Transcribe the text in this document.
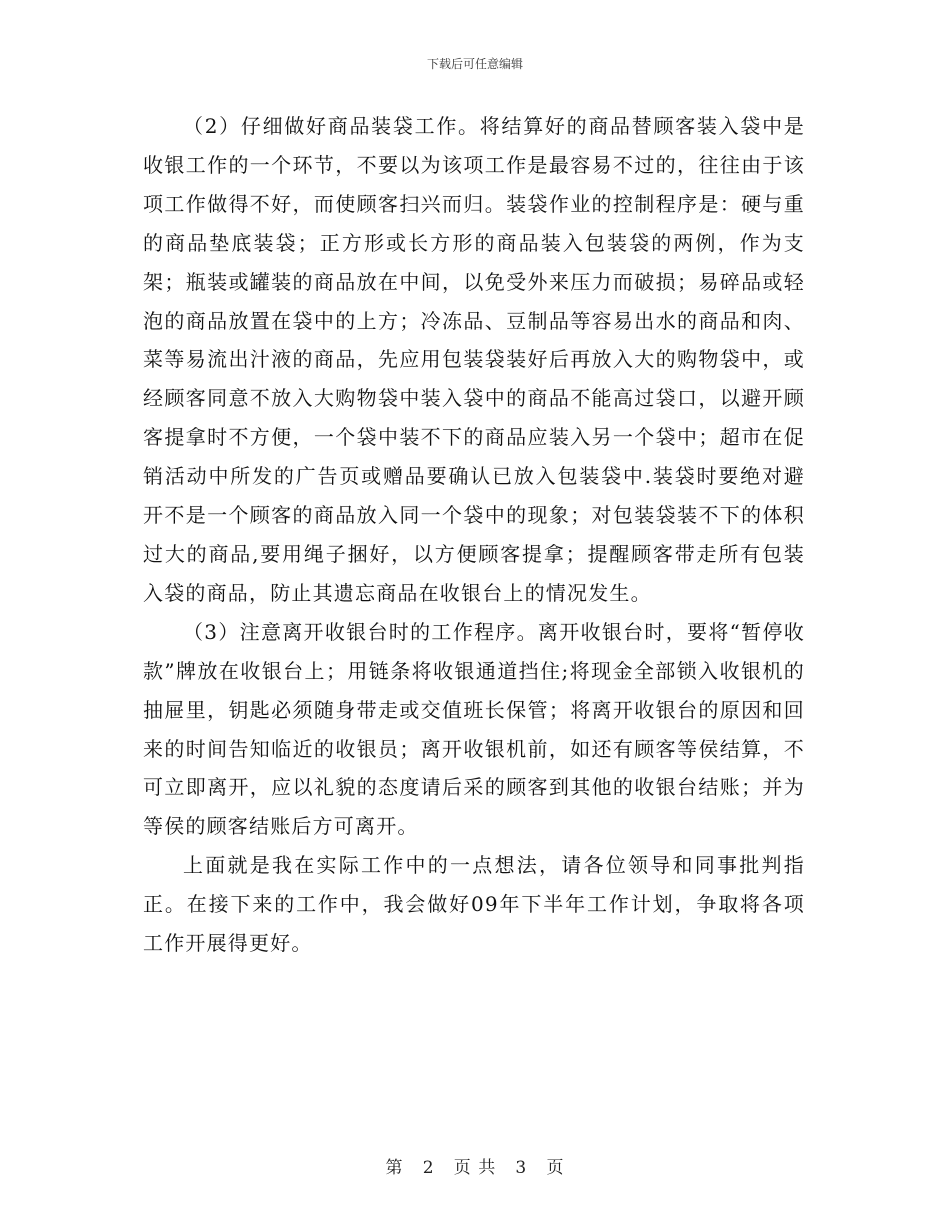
下载后可任意编辑

（2）仔细做好商品装袋工作。将结算好的商品替顾客装入袋中是收银工作的一个环节，不要以为该项工作是最容易不过的，往往由于该项工作做得不好，而使顾客扫兴而归。装袋作业的控制程序是：硬与重的商品垫底装袋；正方形或长方形的商品装入包装袋的两例，作为支架；瓶装或罐装的商品放在中间，以免受外来压力而破损；易碎品或轻泡的商品放置在袋中的上方；冷冻品、豆制品等容易出水的商品和肉、菜等易流出汁液的商品，先应用包装袋装好后再放入大的购物袋中，或经顾客同意不放入大购物袋中装入袋中的商品不能高过袋口，以避开顾客提拿时不方便，一个袋中装不下的商品应装入另一个袋中；超市在促销活动中所发的广告页或赠品要确认已放入包装袋中.装袋时要绝对避开不是一个顾客的商品放入同一个袋中的现象；对包装袋装不下的体积过大的商品,要用绳子捆好，以方便顾客提拿；提醒顾客带走所有包装入袋的商品，防止其遗忘商品在收银台上的情况发生。

（3）注意离开收银台时的工作程序。离开收银台时，要将“暂停收款”牌放在收银台上；用链条将收银通道挡住;将现金全部锁入收银机的抽屉里，钥匙必须随身带走或交值班长保管；将离开收银台的原因和回来的时间告知临近的收银员；离开收银机前，如还有顾客等侯结算，不可立即离开，应以礼貌的态度请后采的顾客到其他的收银台结账；并为等侯的顾客结账后方可离开。

上面就是我在实际工作中的一点想法，请各位领导和同事批判指正。在接下来的工作中，我会做好09年下半年工作计划，争取将各项工作开展得更好。

第 2 页 共 3 页
